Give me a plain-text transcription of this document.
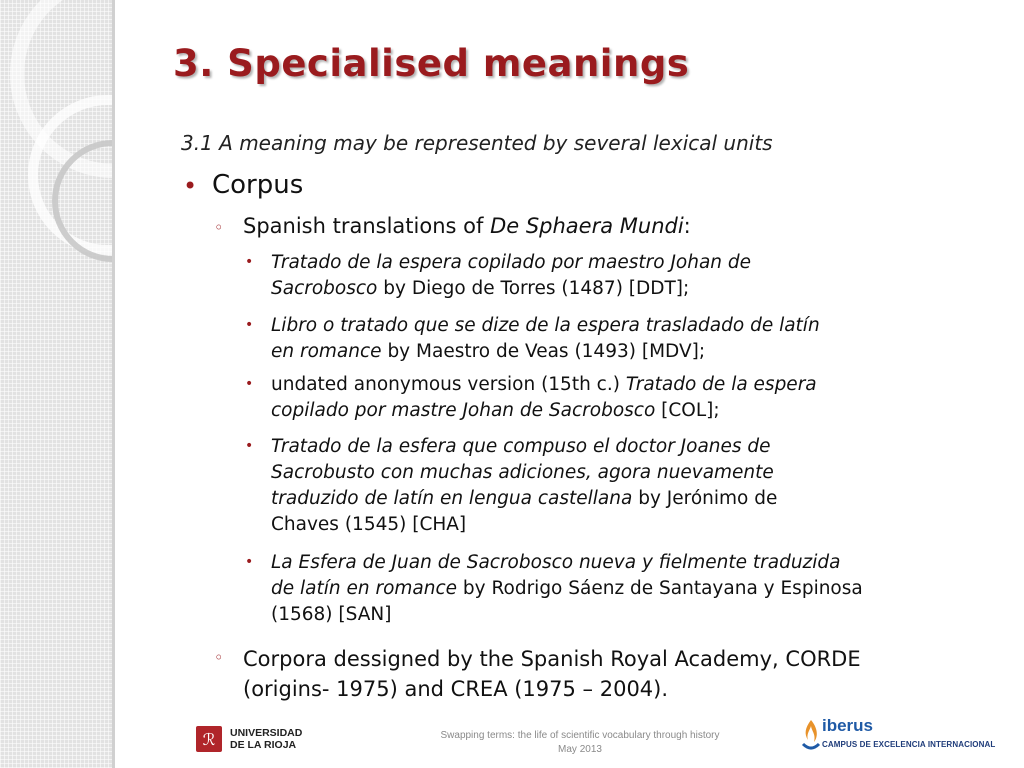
3. Specialised meanings
3.1 A meaning may be represented by several lexical units
• Corpus
◦ Spanish translations of De Sphaera Mundi:
• Tratado de la espera copilado por maestro Johan de
Sacrobosco by Diego de Torres (1487) [DDT];
• Libro o tratado que se dize de la espera trasladado de latín
en romance by Maestro de Veas (1493) [MDV];
• undated anonymous version (15th c.) Tratado de la espera
copilado por mastre Johan de Sacrobosco [COL];
• Tratado de la esfera que compuso el doctor Joanes de
Sacrobusto con muchas adiciones, agora nuevamente
traduzido de latín en lengua castellana by Jerónimo de
Chaves (1545) [CHA]
• La Esfera de Juan de Sacrobosco nueva y fielmente traduzida
de latín en romance by Rodrigo Sáenz de Santayana y Espinosa
(1568) [SAN]
◦ Corpora dessigned by the Spanish Royal Academy, CORDE
(origins- 1975) and CREA (1975 – 2004).
ℛ	UNIVERSIDAD
DE LA RIOJA
Swapping terms: the life of scientific vocabulary through history
May 2013
iberus
CAMPUS DE EXCELENCIA INTERNACIONAL
